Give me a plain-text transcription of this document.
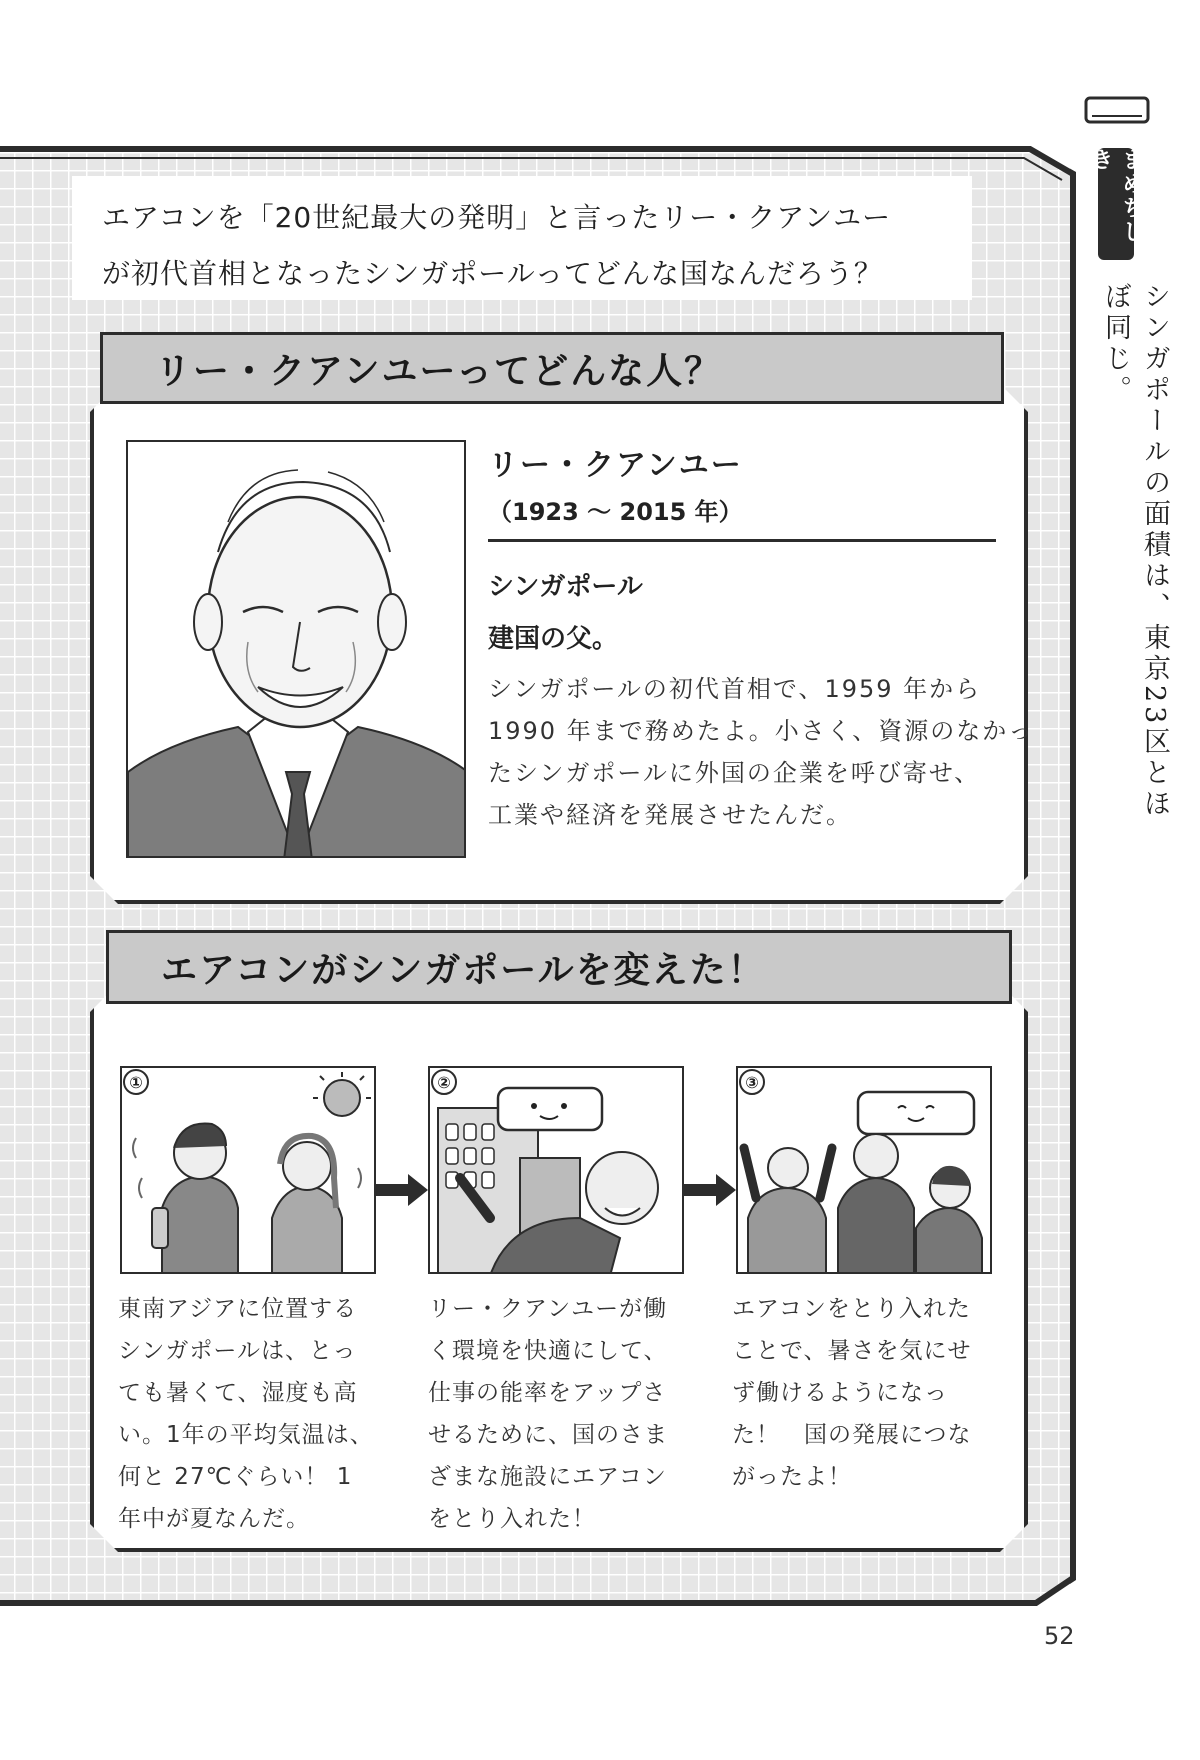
エアコンを「20世紀最大の発明」と言ったリー・クアンユー

が初代首相となったシンガポールってどんな国なんだろう？

リー・クアンユーってどんな人？
リー・クアンユー
（1923 ～ 2015 年）
シンガポール
建国の父。

シンガポールの初代首相で、1959 年から

1990 年まで務めたよ。小さく、資源のなかっ

たシンガポールに外国の企業を呼び寄せ、

工業や経済を発展させたんだ。

エアコンがシンガポールを変えた！
①	②	③

東南アジアに位置する

シンガポールは、とっ

ても暑くて、湿度も高

い。1年の平均気温は、

何と 27℃ぐらい！ 1

年中が夏なんだ。

リー・クアンユーが働

く環境を快適にして、

仕事の能率をアップさ

せるために、国のさま

ざまな施設にエアコン

をとり入れた！

エアコンをとり入れた

ことで、暑さを気にせ

ず働けるようになっ

た！　国の発展につな

がったよ！

まめちしき
シンガポールの面積は、東京23区とほぼ同じ。
52
